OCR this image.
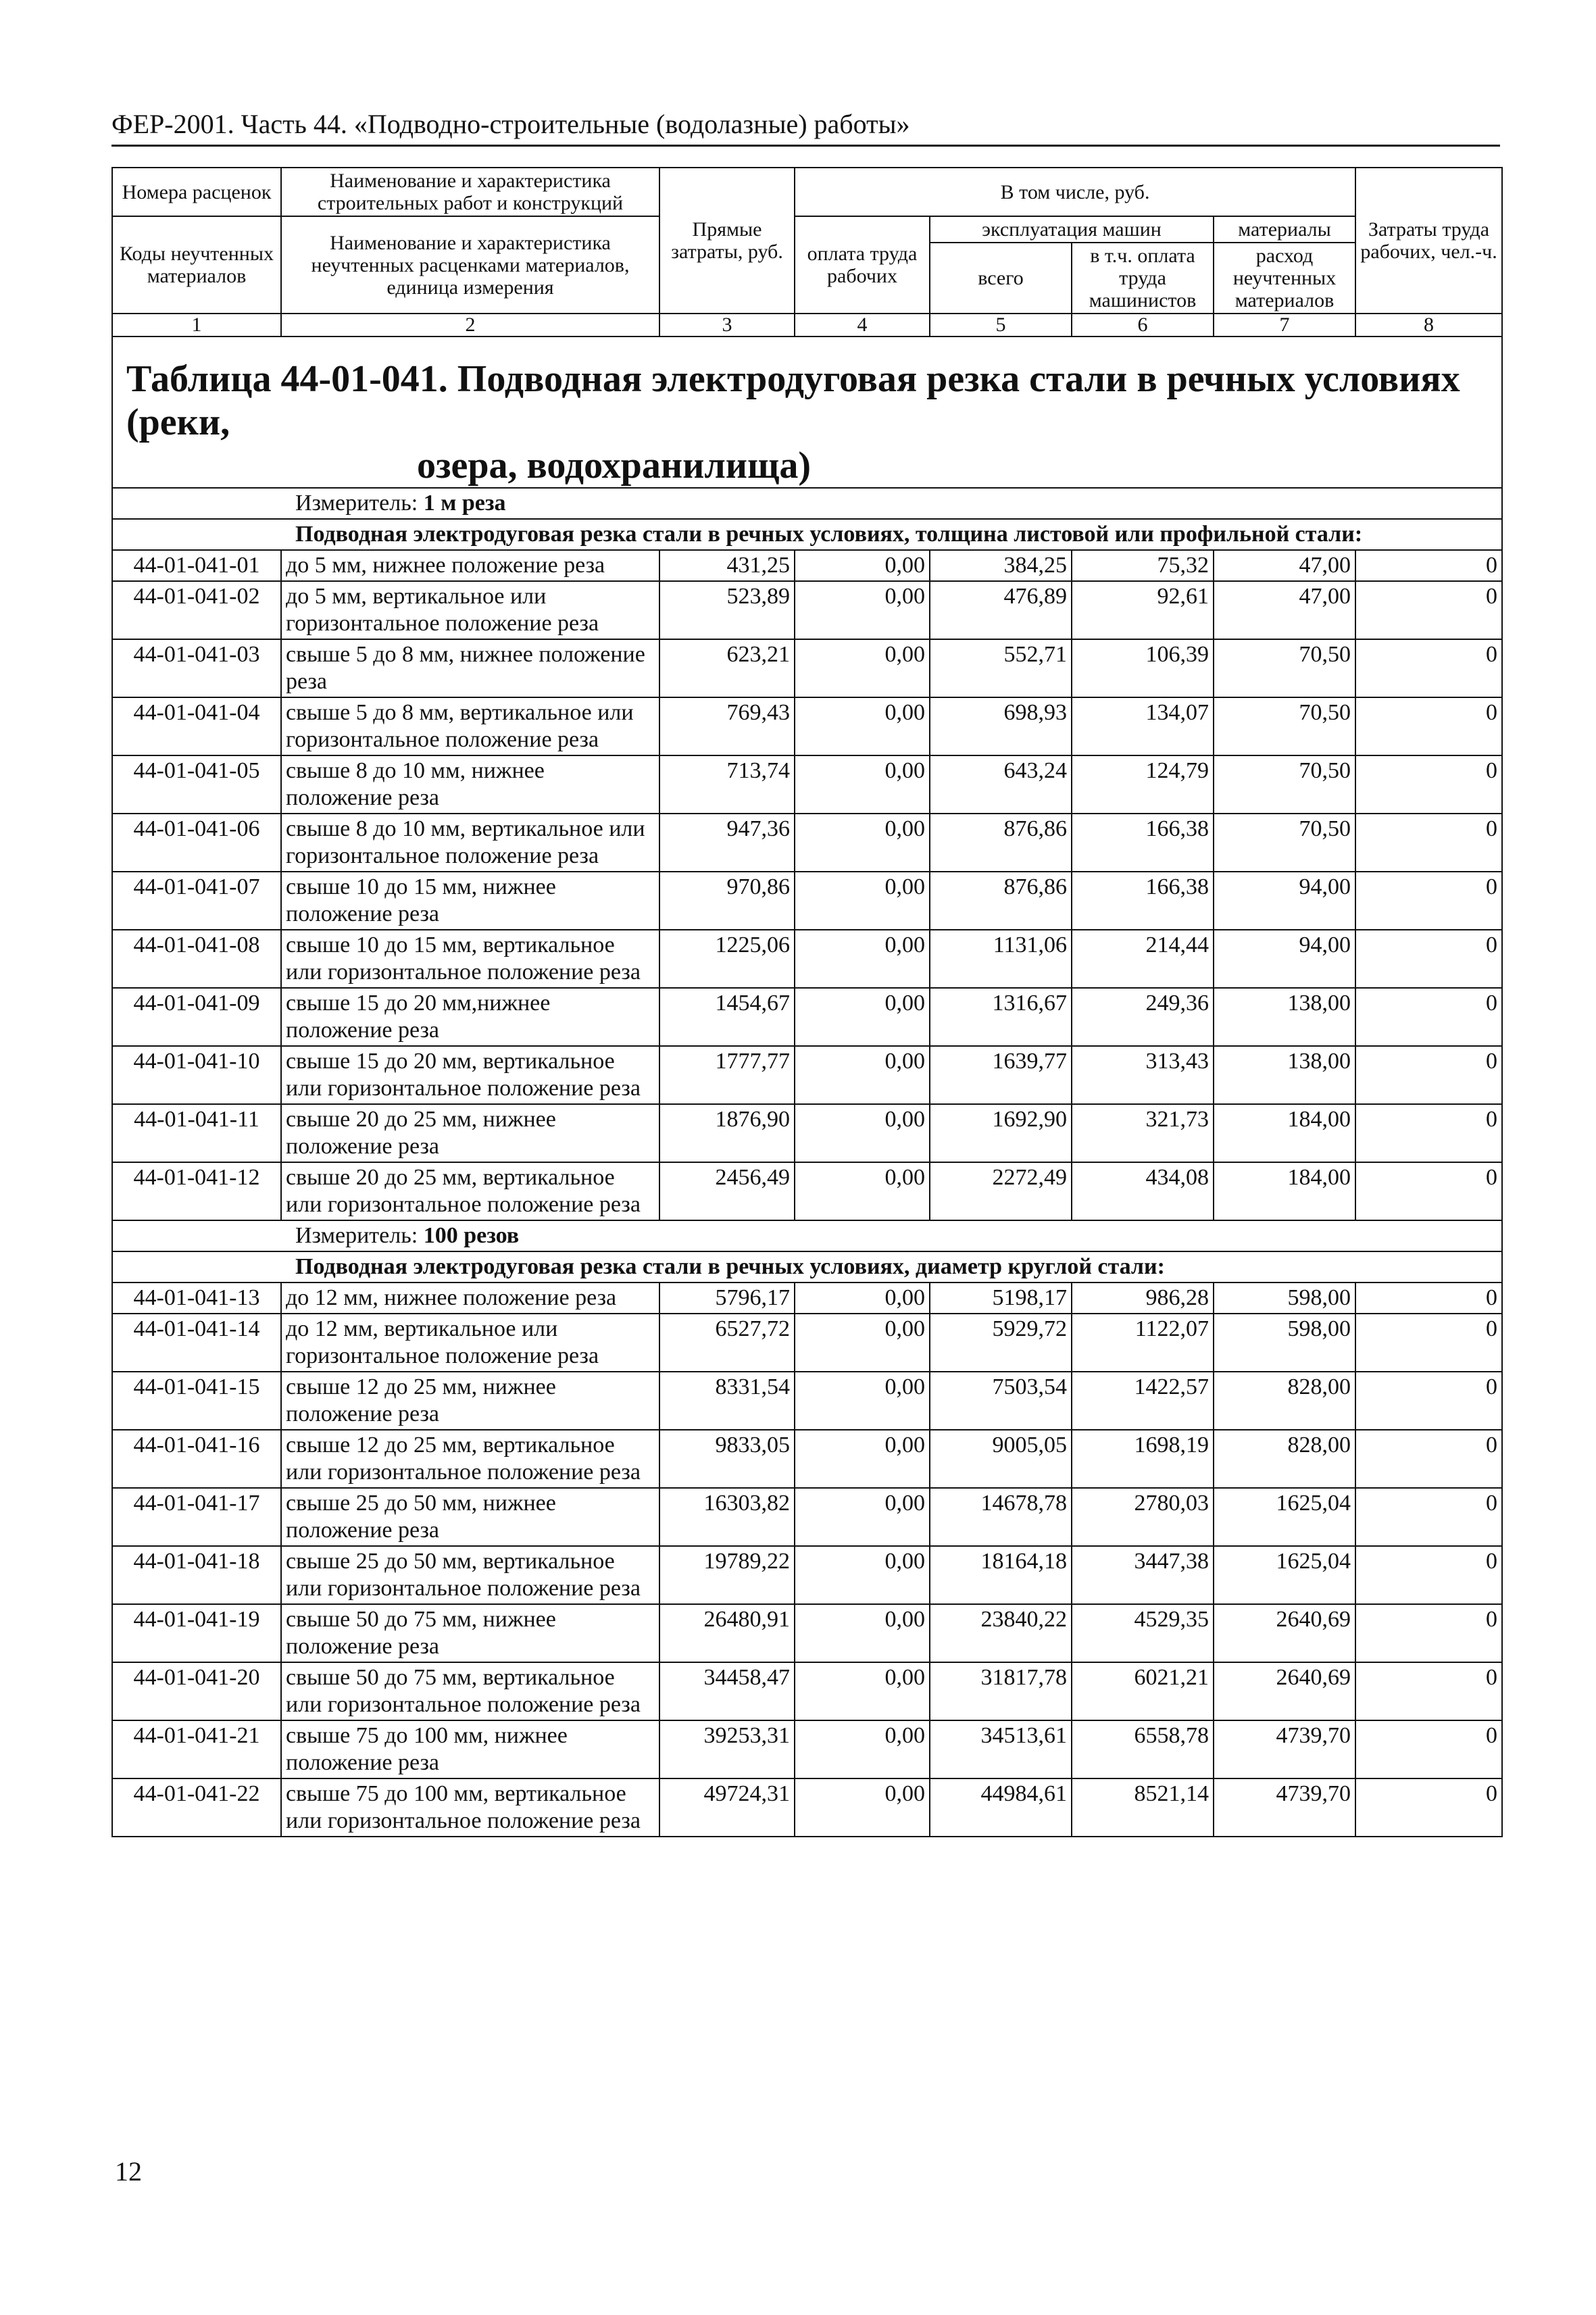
ФЕР-2001. Часть 44. «Подводно-строительные (водолазные) работы»
Номера расценок	Наименование и характеристика строительных работ и конструкций	Прямые затраты, руб.	В том числе, руб.				Затраты труда рабочих, чел.-ч.
Коды неучтенных материалов	Наименование и характеристика неучтенных расценками материалов, единица измерения		оплата труда рабочих	эксплуатация машин		материалы	
				всего	в т.ч. оплата труда машинистов	расход неучтенных материалов	
1	2	3	4	5	6	7	8

Таблица 44-01-041. Подводная электродуговая резка стали в речных условиях (реки,
озера, водохранилища)							

Измеритель: 1 м реза							
Подводная электродуговая резка стали в речных условиях, толщина листовой или профильной стали:							
44-01-041-01	до 5 мм, нижнее положение реза	431,25	0,00	384,25	75,32	47,00	0
44-01-041-02	до 5 мм, вертикальное или горизонтальное положение реза	523,89	0,00	476,89	92,61	47,00	0
44-01-041-03	свыше 5 до 8 мм, нижнее положение реза	623,21	0,00	552,71	106,39	70,50	0
44-01-041-04	свыше 5 до 8 мм, вертикальное или горизонтальное положение реза	769,43	0,00	698,93	134,07	70,50	0
44-01-041-05	свыше 8 до 10 мм, нижнее положение реза	713,74	0,00	643,24	124,79	70,50	0
44-01-041-06	свыше 8 до 10 мм, вертикальное или горизонтальное положение реза	947,36	0,00	876,86	166,38	70,50	0
44-01-041-07	свыше 10 до 15 мм, нижнее положение реза	970,86	0,00	876,86	166,38	94,00	0
44-01-041-08	свыше 10 до 15 мм, вертикальное или горизонтальное положение реза	1225,06	0,00	1131,06	214,44	94,00	0
44-01-041-09	свыше 15 до 20 мм,нижнее положение реза	1454,67	0,00	1316,67	249,36	138,00	0
44-01-041-10	свыше 15 до 20 мм, вертикальное или горизонтальное положение реза	1777,77	0,00	1639,77	313,43	138,00	0
44-01-041-11	свыше 20 до 25 мм, нижнее положение реза	1876,90	0,00	1692,90	321,73	184,00	0
44-01-041-12	свыше 20 до 25 мм, вертикальное или горизонтальное положение реза	2456,49	0,00	2272,49	434,08	184,00	0
Измеритель: 100 резов							
Подводная электродуговая резка стали в речных условиях, диаметр круглой стали:							
44-01-041-13	до 12 мм, нижнее положение реза	5796,17	0,00	5198,17	986,28	598,00	0
44-01-041-14	до 12 мм, вертикальное или горизонтальное положение реза	6527,72	0,00	5929,72	1122,07	598,00	0
44-01-041-15	свыше 12 до 25 мм, нижнее положение реза	8331,54	0,00	7503,54	1422,57	828,00	0
44-01-041-16	свыше 12 до 25 мм, вертикальное или горизонтальное положение реза	9833,05	0,00	9005,05	1698,19	828,00	0
44-01-041-17	свыше 25 до 50 мм, нижнее положение реза	16303,82	0,00	14678,78	2780,03	1625,04	0
44-01-041-18	свыше 25 до 50 мм, вертикальное или горизонтальное положение реза	19789,22	0,00	18164,18	3447,38	1625,04	0
44-01-041-19	свыше 50 до 75 мм, нижнее положение реза	26480,91	0,00	23840,22	4529,35	2640,69	0
44-01-041-20	свыше 50 до 75 мм, вертикальное или горизонтальное положение реза	34458,47	0,00	31817,78	6021,21	2640,69	0
44-01-041-21	свыше 75 до 100 мм, нижнее положение реза	39253,31	0,00	34513,61	6558,78	4739,70	0
44-01-041-22	свыше 75 до 100 мм, вертикальное или горизонтальное положение реза	49724,31	0,00	44984,61	8521,14	4739,70	0
12
